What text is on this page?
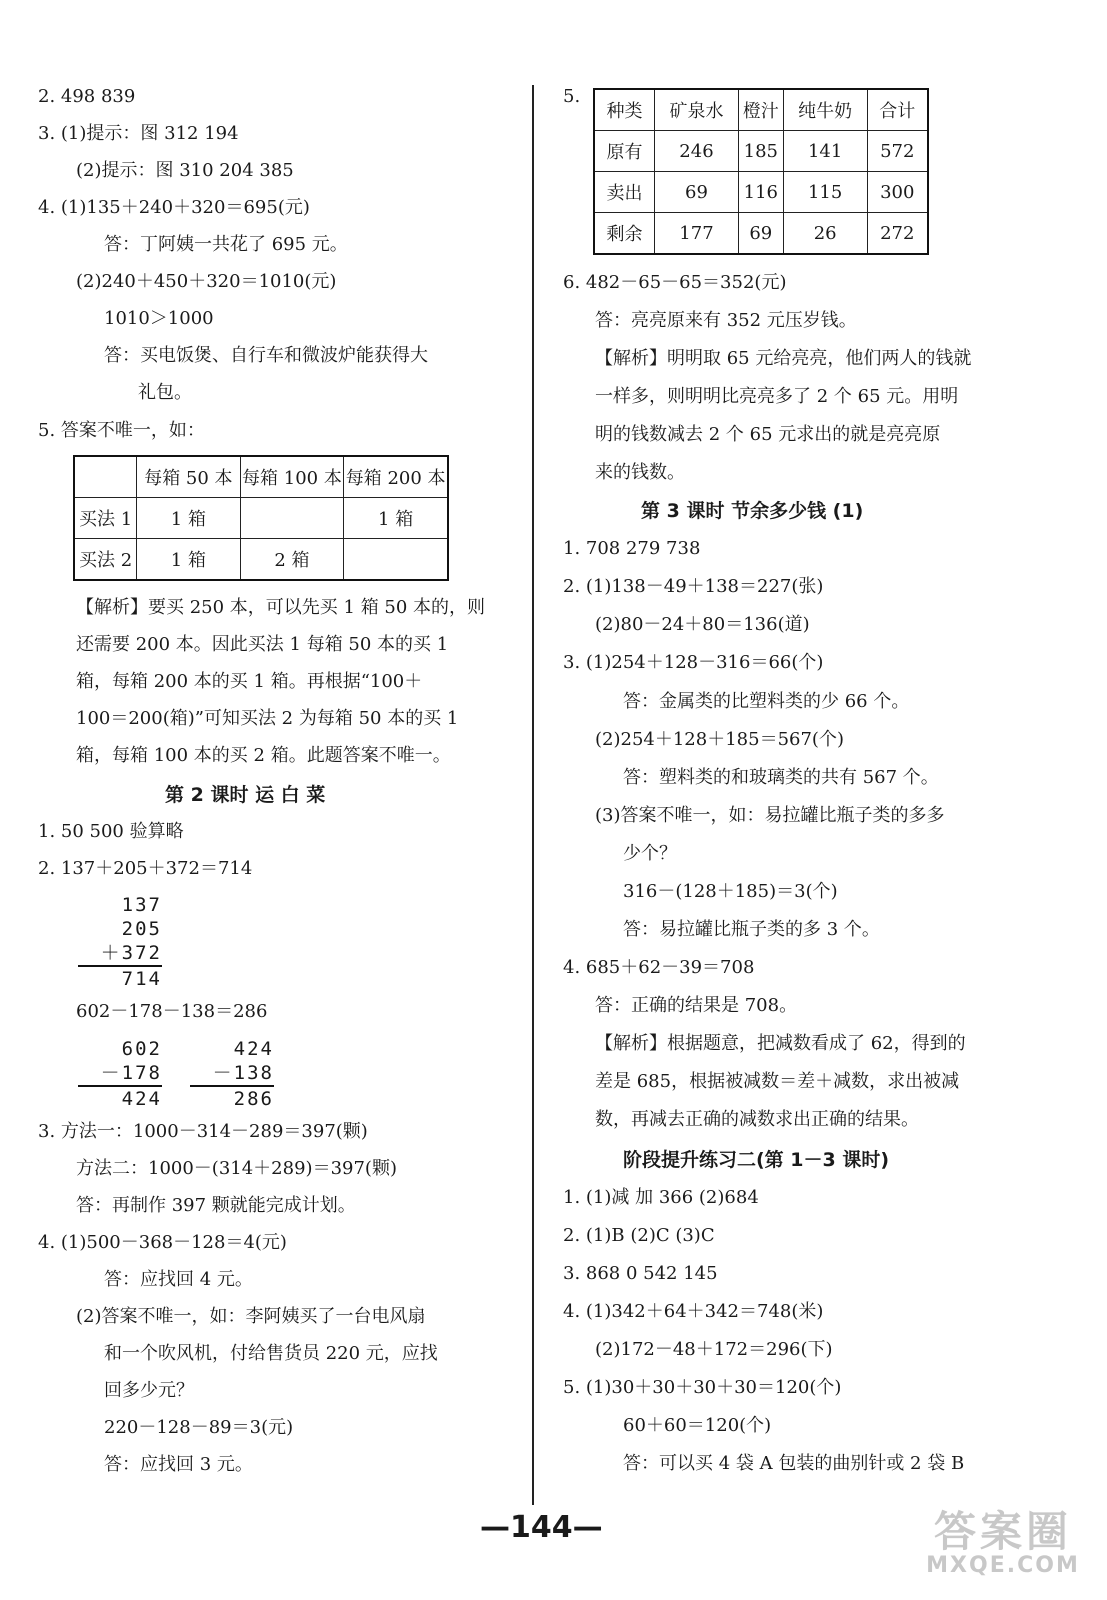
2. 498 839
3. (1)提示：图 312 194
(2)提示：图 310 204 385
4. (1)135＋240＋320＝695(元)
答：丁阿姨一共花了 695 元。
(2)240＋450＋320＝1010(元)
1010＞1000
答：买电饭煲、自行车和微波炉能获得大
礼包。
5. 答案不唯一，如：
	每箱 50 本	每箱 100 本	每箱 200 本
买法 1	1 箱		1 箱
买法 2	1 箱	2 箱	
【解析】要买 250 本，可以先买 1 箱 50 本的，则
还需要 200 本。因此买法 1 每箱 50 本的买 1
箱，每箱 200 本的买 1 箱。再根据“100＋
100＝200(箱)”可知买法 2 为每箱 50 本的买 1
箱，每箱 100 本的买 2 箱。此题答案不唯一。
第 2 课时 运 白 菜
1. 50 500 验算略
2. 137＋205＋372＝714
137
205
＋372
714
602－178－138＝286
602
－178
424
424
－138
286
3. 方法一：1000－314－289＝397(颗)
方法二：1000－(314＋289)＝397(颗)
答：再制作 397 颗就能完成计划。
4. (1)500－368－128＝4(元)
答：应找回 4 元。
(2)答案不唯一，如：李阿姨买了一台电风扇
和一个吹风机，付给售货员 220 元，应找
回多少元？
220－128－89＝3(元)
答：应找回 3 元。
5.
种类	矿泉水	橙汁	纯牛奶	合计
原有	246	185	141	572
卖出	69	116	115	300
剩余	177	69	26	272
6. 482－65－65＝352(元)
答：亮亮原来有 352 元压岁钱。
【解析】明明取 65 元给亮亮，他们两人的钱就
一样多，则明明比亮亮多了 2 个 65 元。用明
明的钱数减去 2 个 65 元求出的就是亮亮原
来的钱数。
第 3 课时 节余多少钱 (1)
1. 708 279 738
2. (1)138－49＋138＝227(张)
(2)80－24＋80＝136(道)
3. (1)254＋128－316＝66(个)
答：金属类的比塑料类的少 66 个。
(2)254＋128＋185＝567(个)
答：塑料类的和玻璃类的共有 567 个。
(3)答案不唯一，如：易拉罐比瓶子类的多多
少个？
316－(128＋185)＝3(个)
答：易拉罐比瓶子类的多 3 个。
4. 685＋62－39＝708
答：正确的结果是 708。
【解析】根据题意，把减数看成了 62，得到的
差是 685，根据被减数＝差＋减数，求出被减
数，再减去正确的减数求出正确的结果。
阶段提升练习二(第 1－3 课时)
1. (1)减 加 366 (2)684
2. (1)B (2)C (3)C
3. 868 0 542 145
4. (1)342＋64＋342＝748(米)
(2)172－48＋172＝296(下)
5. (1)30＋30＋30＋30＝120(个)
60＋60＝120(个)
答：可以买 4 袋 A 包装的曲别针或 2 袋 B
—144—	答案圈
MXQE.COM
